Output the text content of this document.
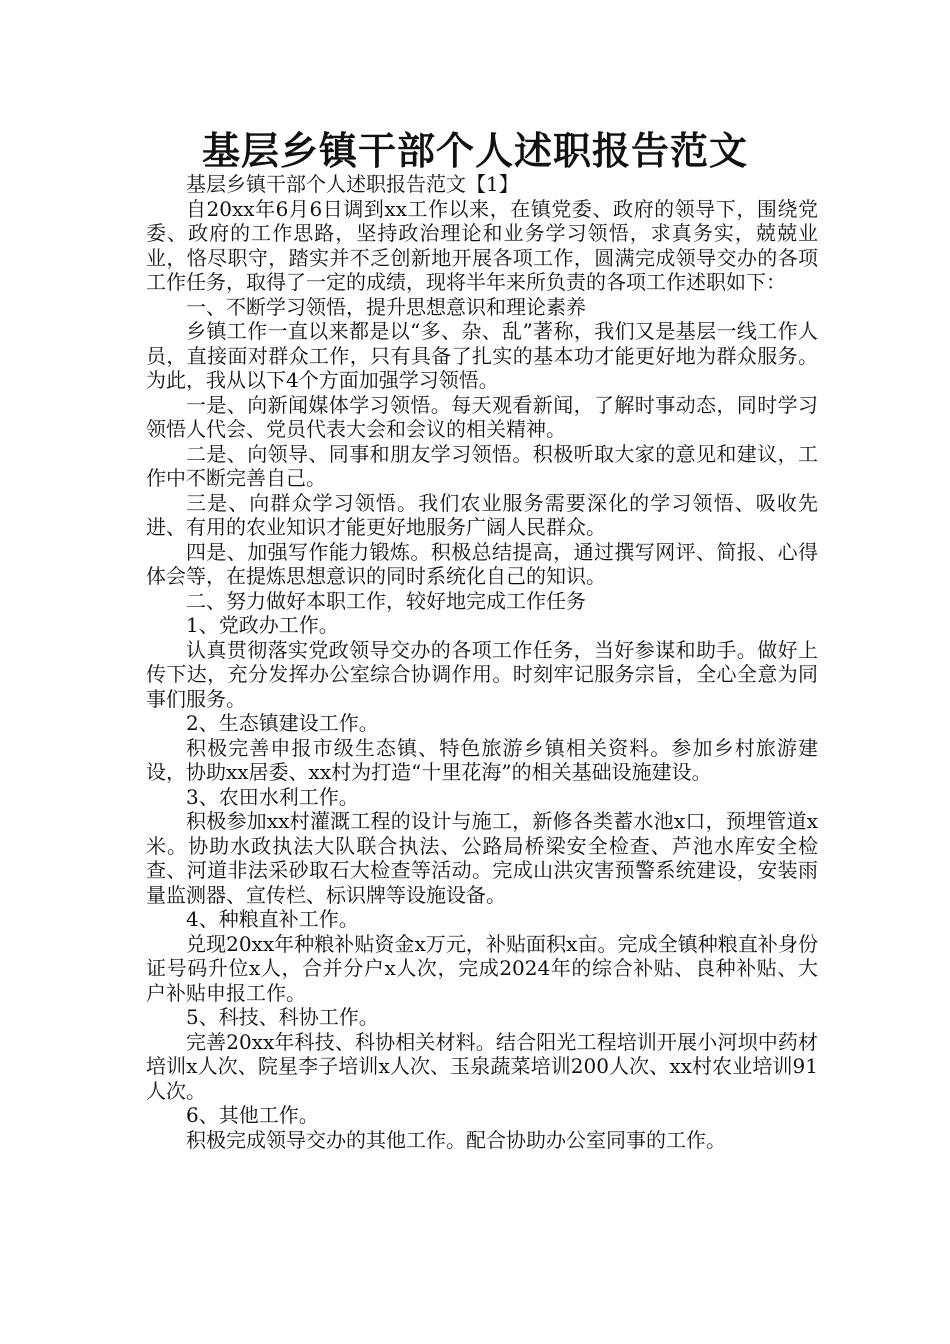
基层乡镇干部个人述职报告范文

基层乡镇干部个人述职报告范文【1】

自20xx年6月6日调到xx工作以来，在镇党委、政府的领导下，围绕党委、政府的工作思路，坚持政治理论和业务学习领悟，求真务实，兢兢业业，恪尽职守，踏实并不乏创新地开展各项工作，圆满完成领导交办的各项工作任务，取得了一定的成绩，现将半年来所负责的各项工作述职如下：

一、不断学习领悟，提升思想意识和理论素养

乡镇工作一直以来都是以“多、杂、乱”著称，我们又是基层一线工作人员，直接面对群众工作，只有具备了扎实的基本功才能更好地为群众服务。为此，我从以下4个方面加强学习领悟。

一是、向新闻媒体学习领悟。每天观看新闻，了解时事动态，同时学习领悟人代会、党员代表大会和会议的相关精神。

二是、向领导、同事和朋友学习领悟。积极听取大家的意见和建议，工作中不断完善自己。

三是、向群众学习领悟。我们农业服务需要深化的学习领悟、吸收先进、有用的农业知识才能更好地服务广阔人民群众。

四是、加强写作能力锻炼。积极总结提高，通过撰写网评、简报、心得体会等，在提炼思想意识的同时系统化自己的知识。

二、努力做好本职工作，较好地完成工作任务

1、党政办工作。

认真贯彻落实党政领导交办的各项工作任务，当好参谋和助手。做好上传下达，充分发挥办公室综合协调作用。时刻牢记服务宗旨，全心全意为同事们服务。

2、生态镇建设工作。

积极完善申报市级生态镇、特色旅游乡镇相关资料。参加乡村旅游建设，协助xx居委、xx村为打造“十里花海”的相关基础设施建设。

3、农田水利工作。

积极参加xx村灌溉工程的设计与施工，新修各类蓄水池x口，预埋管道x米。协助水政执法大队联合执法、公路局桥梁安全检查、芦池水库安全检查、河道非法采砂取石大检查等活动。完成山洪灾害预警系统建设，安装雨量监测器、宣传栏、标识牌等设施设备。

4、种粮直补工作。

兑现20xx年种粮补贴资金x万元，补贴面积x亩。完成全镇种粮直补身份证号码升位x人，合并分户x人次，完成2024年的综合补贴、良种补贴、大户补贴申报工作。

5、科技、科协工作。

完善20xx年科技、科协相关材料。结合阳光工程培训开展小河坝中药材培训x人次、院星李子培训x人次、玉泉蔬菜培训200人次、xx村农业培训91人次。

6、其他工作。

积极完成领导交办的其他工作。配合协助办公室同事的工作。
